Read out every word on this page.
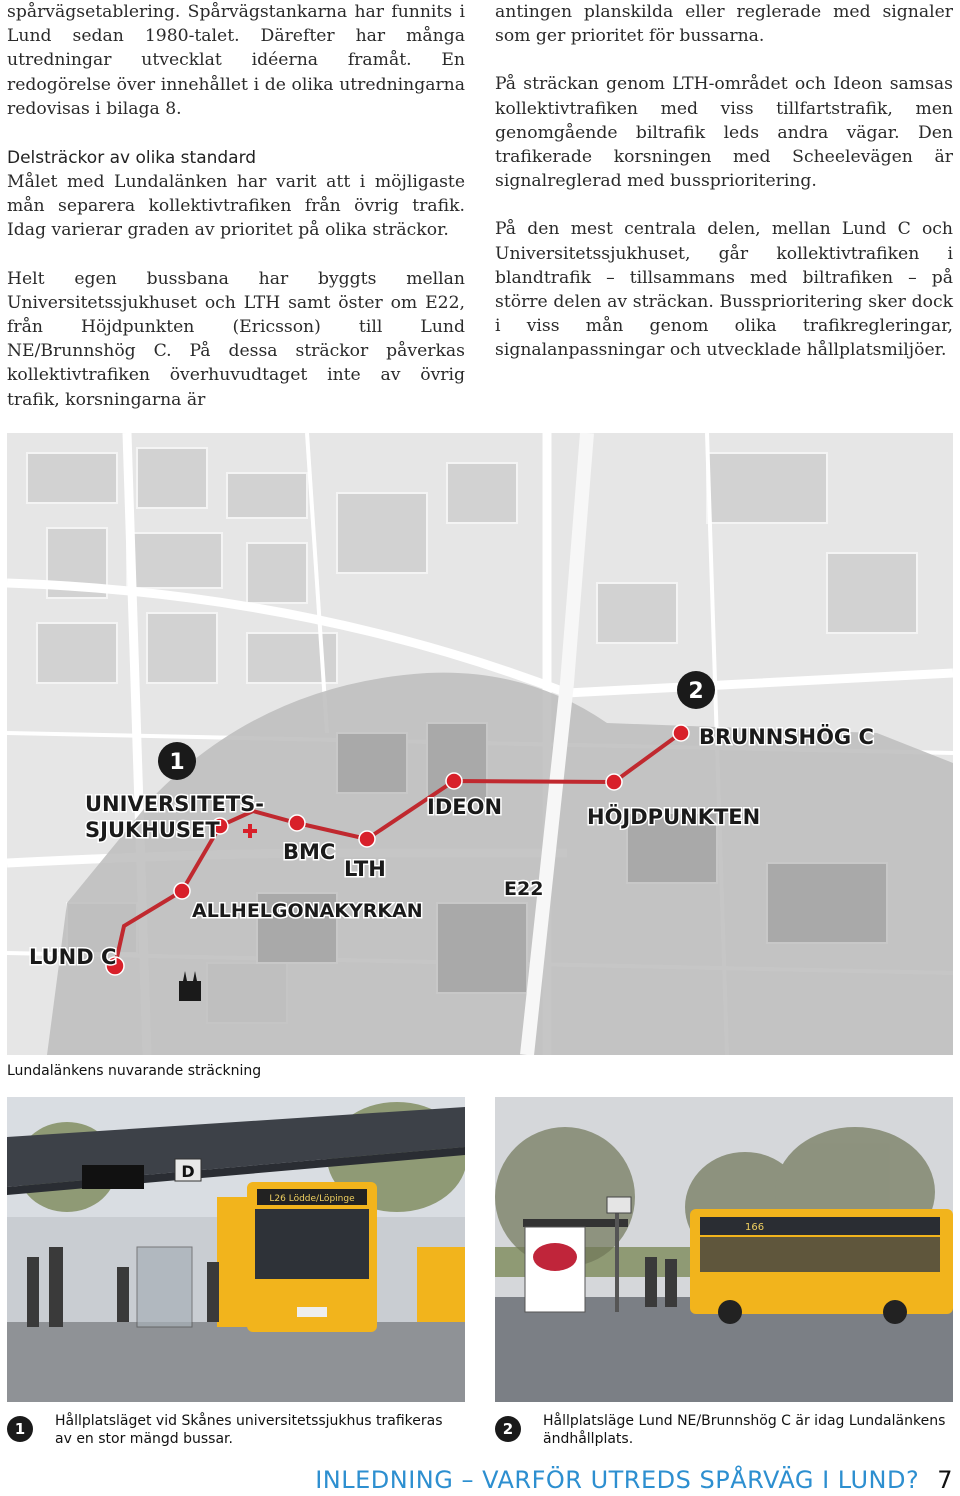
spårvägsetablering. Spårvägstankarna har funnits i Lund sedan 1980-talet. Därefter har många utredningar utvecklat idéerna framåt. En redogörelse över innehållet i de olika utredningarna redovisas i bilaga 8.

Delsträckor av olika standard

Målet med Lundalänken har varit att i möjligaste mån separera kollektivtrafiken från övrig trafik. Idag varierar graden av prioritet på olika sträckor.

Helt egen bussbana har byggts mellan Universitetssjukhuset och LTH samt öster om E22, från Höjdpunkten (Ericsson) till Lund NE/Brunnshög C. På dessa sträckor påverkas kollektivtrafiken överhuvudtaget inte av övrig trafik, korsningarna är

antingen planskilda eller reglerade med signaler som ger prioritet för bussarna.

På sträckan genom LTH-området och Ideon samsas kollektivtrafiken med viss tillfartstrafik, men genomgående biltrafik leds andra vägar. Den trafikerade korsningen med Scheelevägen är signalreglerad med bussprioritering.

På den mest centrala delen, mellan Lund C och Universitetssjukhuset, går kollektivtrafiken i blandtrafik – tillsammans med biltrafiken – på större delen av sträckan. Bussprioritering sker dock i viss mån genom olika trafikregleringar, signalanpassningar och utvecklade hållplatsmiljöer.

UNIVERSITETS-
SJUKHUSET
BMC
LTH
ALLHELGONAKYRKAN
LUND C
IDEON
E22
HÖJDPUNKTEN
BRUNNSHÖG C
1
2
Lundalänkens nuvarande sträckning
D
L26 Lödde/Löpinge
166
1	Hållplatsläget vid Skånes universitetssjukhus trafikeras av en stor mängd bussar.
2	Hållplatsläge Lund NE/Brunnshög C är idag Lundalänkens ändhållplats.
INLEDNING – VARFÖR UTREDS SPÅRVÄG I LUND? 7
